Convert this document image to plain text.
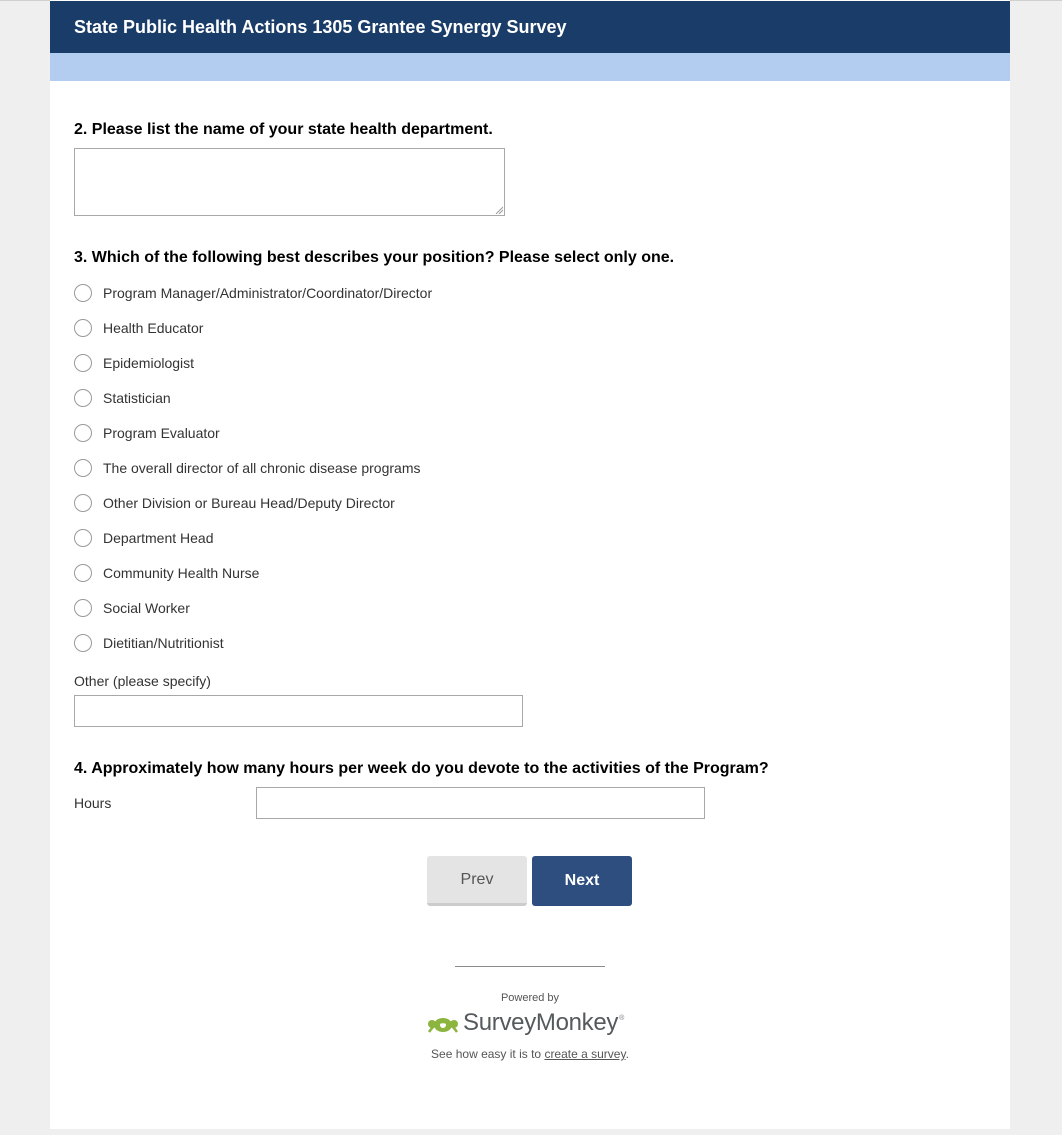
State Public Health Actions 1305 Grantee Synergy Survey
2. Please list the name of your state health department.
3. Which of the following best describes your position? Please select only one.
Program Manager/Administrator/Coordinator/Director
Health Educator
Epidemiologist
Statistician
Program Evaluator
The overall director of all chronic disease programs
Other Division or Bureau Head/Deputy Director
Department Head
Community Health Nurse
Social Worker
Dietitian/Nutritionist
Other (please specify)
4. Approximately how many hours per week do you devote to the activities of the Program?
Hours
Prev	Next
Powered by
SurveyMonkey ®
See how easy it is to create a survey.
